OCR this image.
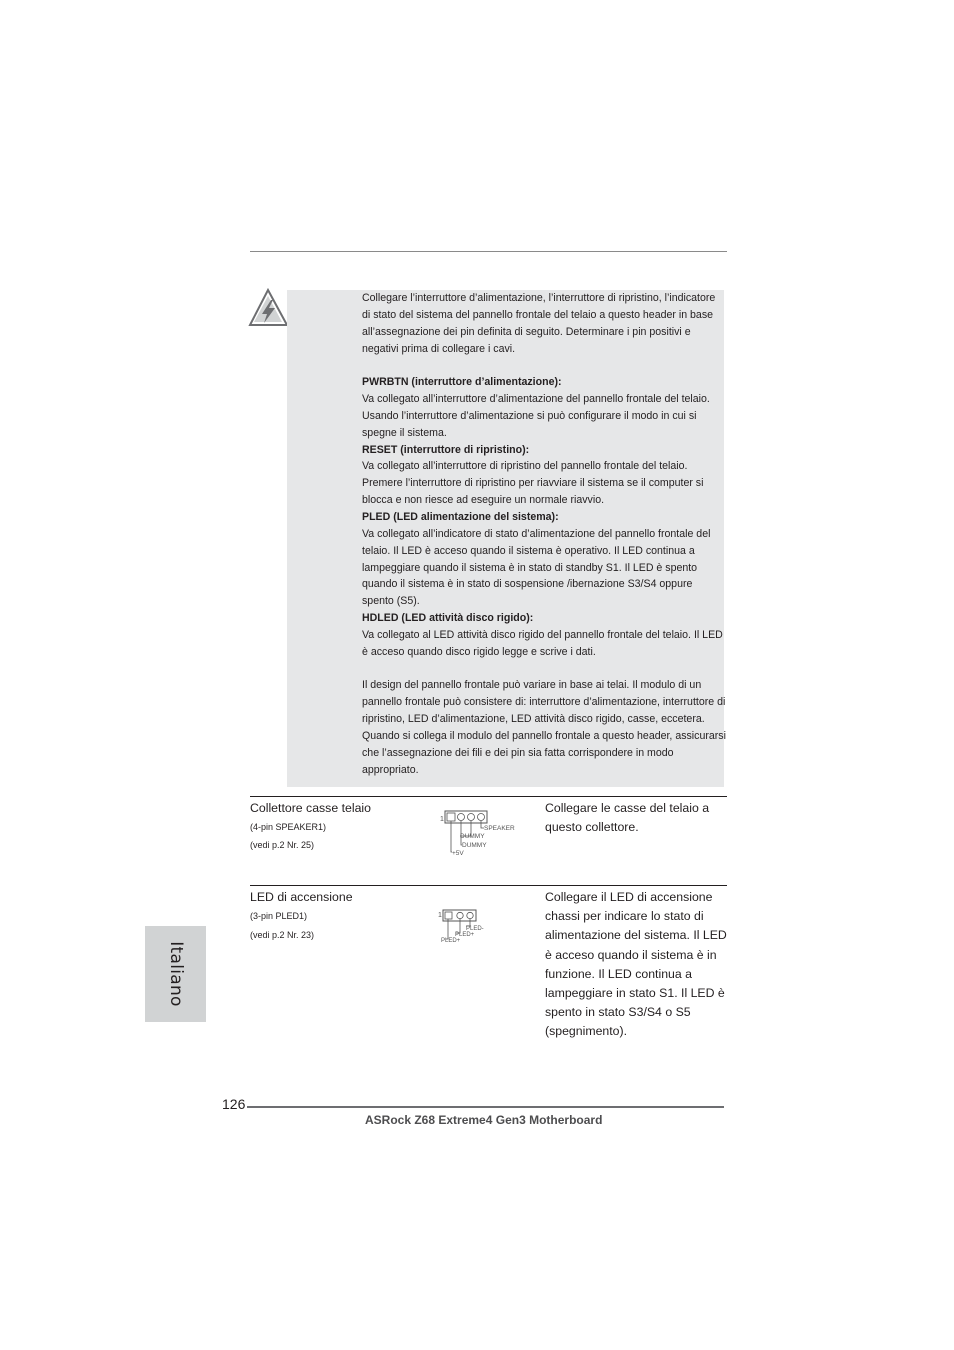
Collegare l’interruttore d’alimentazione, l’interruttore di ripristino, l’indicatore di stato del sistema del pannello frontale del telaio a questo header in base all’assegnazione dei pin definita di seguito. Determinare i pin positivi e negativi prima di collegare i cavi.

PWRBTN (interruttore d’alimentazione):

Va collegato all’interruttore d’alimentazione del pannello frontale del telaio. Usando l’interruttore d’alimentazione si può configurare il modo in cui si spegne il sistema.

RESET (interruttore di ripristino):

Va collegato all’interruttore di ripristino del pannello frontale del telaio. Premere l’interruttore di ripristino per riavviare il sistema se il computer si blocca e non riesce ad eseguire un normale riavvio.

PLED (LED alimentazione del sistema):

Va collegato all’indicatore di stato d’alimentazione del pannello frontale del telaio. Il LED è acceso quando il sistema è operativo. Il LED continua a lampeggiare quando il sistema è in stato di standby S1. Il LED è spento quando il sistema è in stato di sospensione /ibernazione S3/S4 oppure spento (S5).

HDLED (LED attività disco rigido):

Va collegato al LED attività disco rigido del pannello frontale del telaio. Il LED è acceso quando disco rigido legge e scrive i dati.

Il design del pannello frontale può variare in base ai telai. Il modulo di un pannello frontale può consistere di: interruttore d’alimentazione, interruttore di ripristino, LED d’alimentazione, LED attività disco rigido, casse, eccetera. Quando si collega il modulo del pannello frontale a questo header, assicurarsi che l’assegnazione dei fili e dei pin sia fatta corrispondere in modo appropriato.

Collettore casse telaio
(4-pin SPEAKER1)
(vedi p.2 Nr. 25)
1
SPEAKER
DUMMY
DUMMY
+5V
Collegare le casse del telaio a questo collettore.
LED di accensione
(3-pin PLED1)
(vedi p.2 Nr. 23)
1
PLED-
PLED+
PLED+
Collegare il LED di accensione chassi per indicare lo stato di alimentazione del sistema. Il LED è acceso quando il sistema è in funzione. Il LED continua a lampeggiare in stato S1. Il LED è spento in stato S3/S4 o S5 (spegnimento).
Italiano
126
ASRock Z68 Extreme4 Gen3 Motherboard
